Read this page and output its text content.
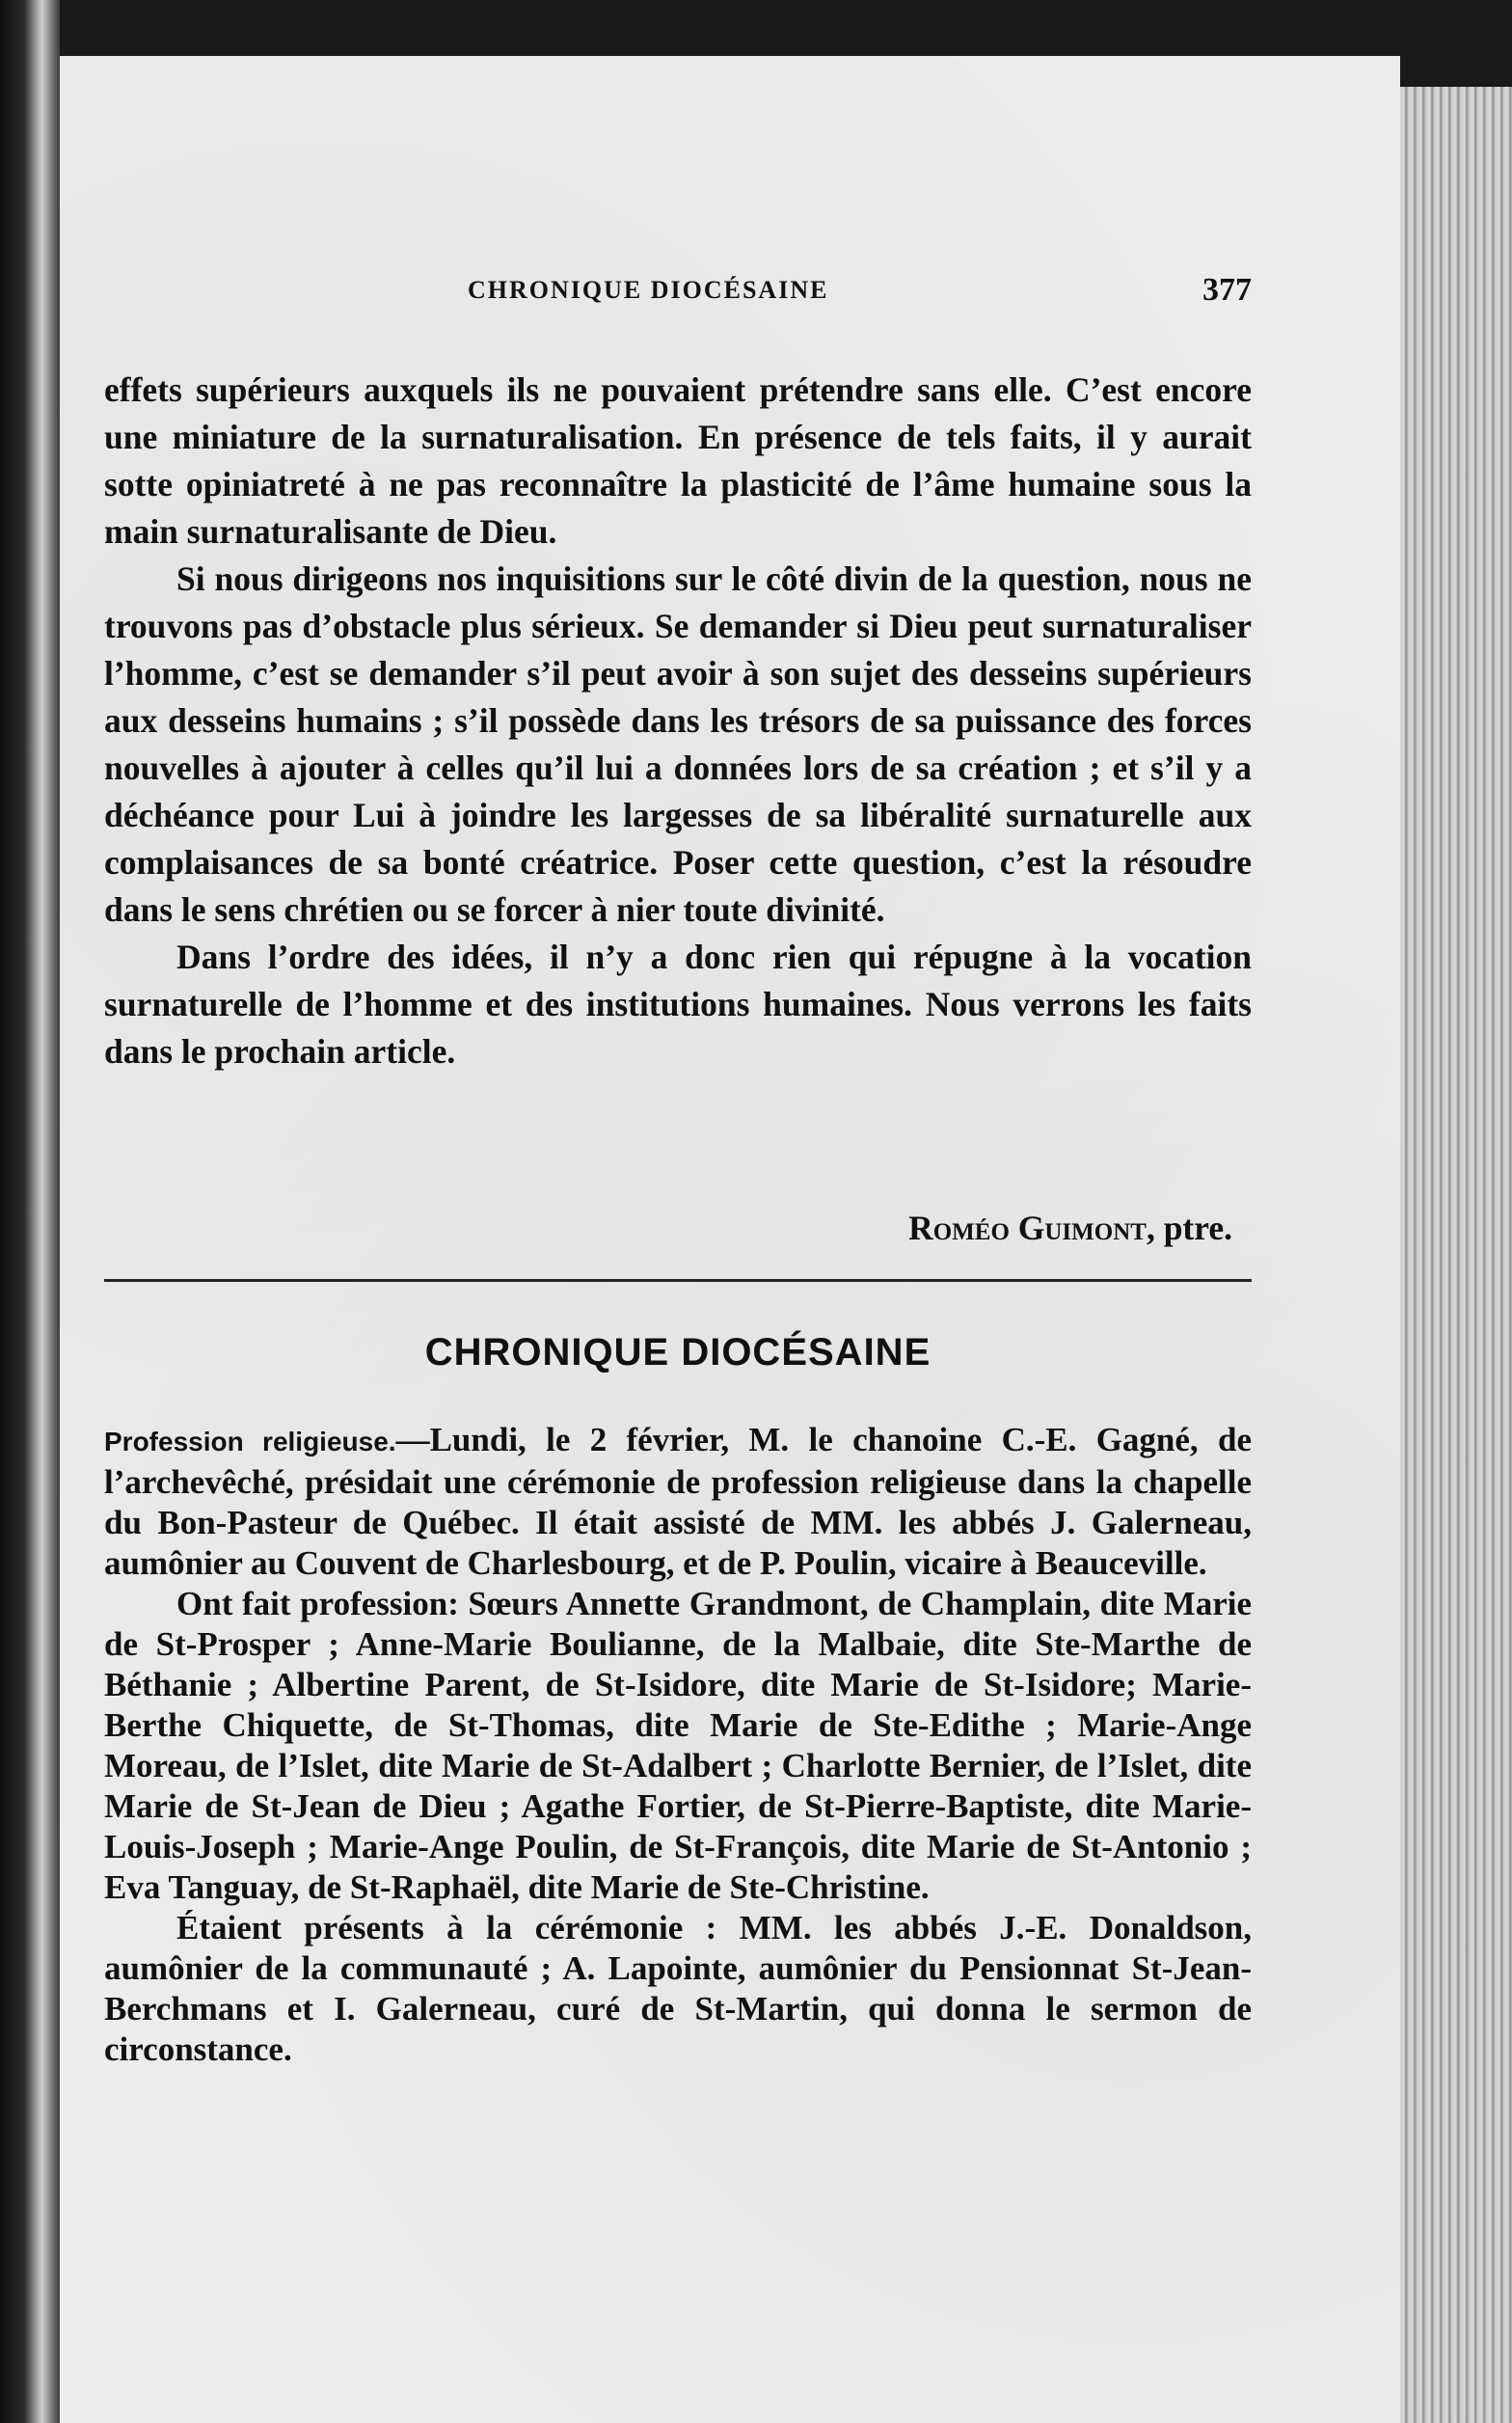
CHRONIQUE DIOCÉSAINE	377

effets supérieurs auxquels ils ne pouvaient prétendre sans elle. C’est encore une miniature de la surnaturalisation. En présence de tels faits, il y aurait sotte opiniatreté à ne pas reconnaître la plasticité de l’âme humaine sous la main surnaturalisante de Dieu.

Si nous dirigeons nos inquisitions sur le côté divin de la question, nous ne trouvons pas d’obstacle plus sérieux. Se demander si Dieu peut surnaturaliser l’homme, c’est se demander s’il peut avoir à son sujet des desseins supérieurs aux desseins humains ; s’il possède dans les trésors de sa puissance des forces nouvelles à ajouter à celles qu’il lui a données lors de sa création ; et s’il y a déchéance pour Lui à joindre les largesses de sa libéralité surnaturelle aux complaisances de sa bonté créatrice. Poser cette question, c’est la résoudre dans le sens chrétien ou se forcer à nier toute divinité.

Dans l’ordre des idées, il n’y a donc rien qui répugne à la vocation surnaturelle de l’homme et des institutions humaines. Nous verrons les faits dans le prochain article.

Roméo Guimont, ptre.
CHRONIQUE DIOCÉSAINE

Profession religieuse.—Lundi, le 2 février, M. le chanoine C.-E. Gagné, de l’archevêché, présidait une cérémonie de profession religieuse dans la chapelle du Bon-Pasteur de Québec. Il était assisté de MM. les abbés J. Galerneau, aumônier au Couvent de Charlesbourg, et de P. Poulin, vicaire à Beauceville.

Ont fait profession: Sœurs Annette Grandmont, de Champlain, dite Marie de St-Prosper ; Anne-Marie Boulianne, de la Malbaie, dite Ste-Marthe de Béthanie ; Albertine Parent, de St-Isidore, dite Marie de St-Isidore; Marie-Berthe Chiquette, de St-Thomas, dite Marie de Ste-Edithe ; Marie-Ange Moreau, de l’Islet, dite Marie de St-Adalbert ; Charlotte Bernier, de l’Islet, dite Marie de St-Jean de Dieu ; Agathe Fortier, de St-Pierre-Baptiste, dite Marie-Louis-Joseph ; Marie-Ange Poulin, de St-François, dite Marie de St-Antonio ; Eva Tanguay, de St-Raphaël, dite Marie de Ste-Christine.

Étaient présents à la cérémonie : MM. les abbés J.-E. Donaldson, aumônier de la communauté ; A. Lapointe, aumônier du Pensionnat St-Jean-Berchmans et I. Galerneau, curé de St-Martin, qui donna le sermon de circonstance.
